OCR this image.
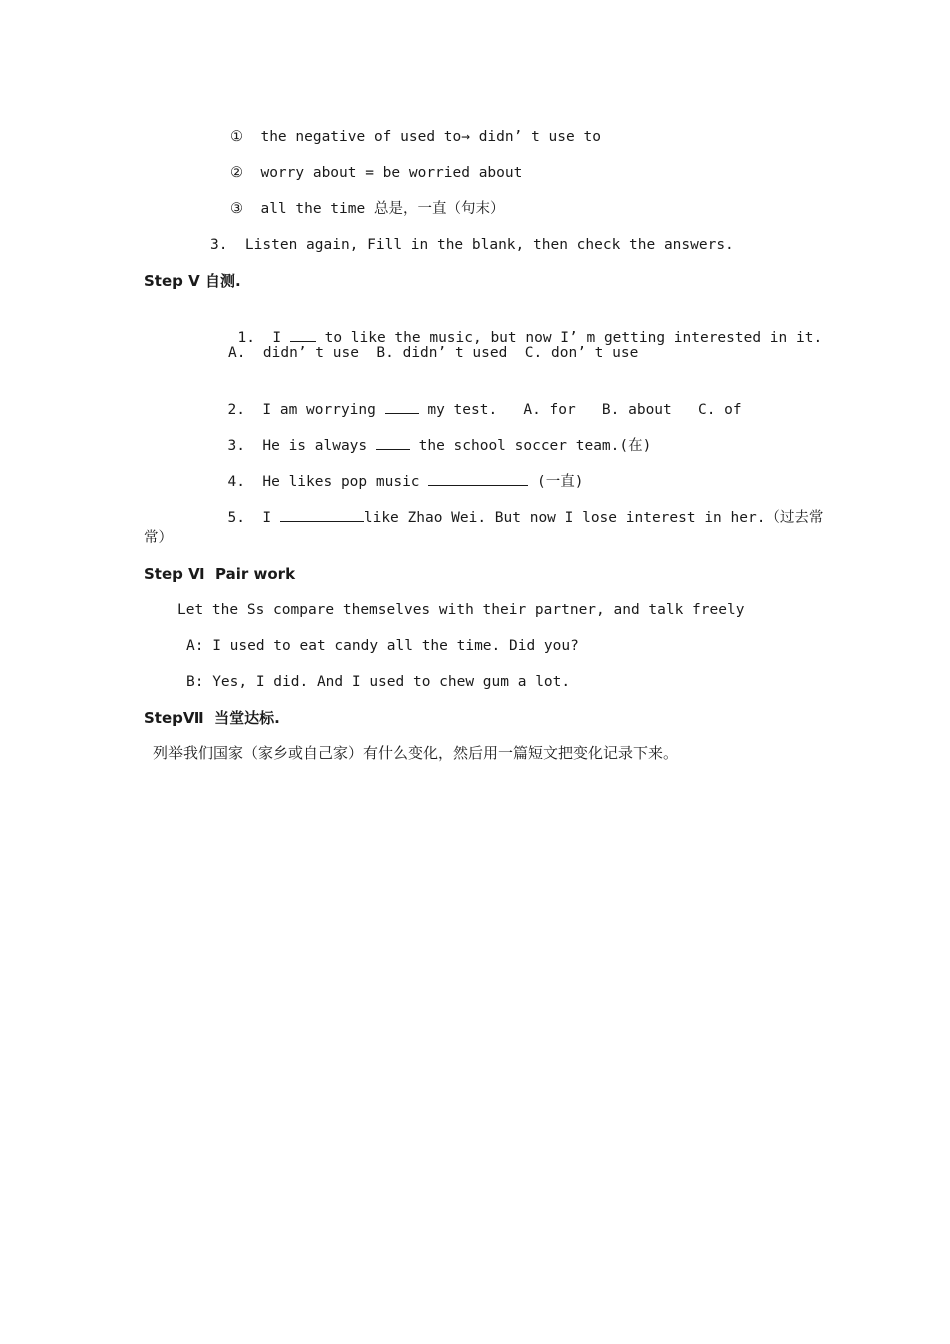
①  the negative of used to→ didn’ t use to
②  worry about = be worried about
③  all the time 总是，一直（句末）
3.  Listen again, Fill in the blank, then check the answers.
Step Ⅴ 自测.

1.  I  to like the music, but now I’ m getting interested in it.

A.  didn’ t use  B. didn’ t used  C. don’ t use

2.  I am worrying  my test.   A. for   B. about   C. of

3.  He is always  the school soccer team.(在)

4.  He likes pop music	(一直)

5.  I	like Zhao Wei. But now I lose interest in her.（过去常

常）
Step Ⅵ  Pair work
Let the Ss compare themselves with their partner, and talk freely
A: I used to eat candy all the time. Did you?
B: Yes, I did. And I used to chew gum a lot.
StepⅦ  当堂达标.
列举我们国家（家乡或自己家）有什么变化，然后用一篇短文把变化记录下来。
